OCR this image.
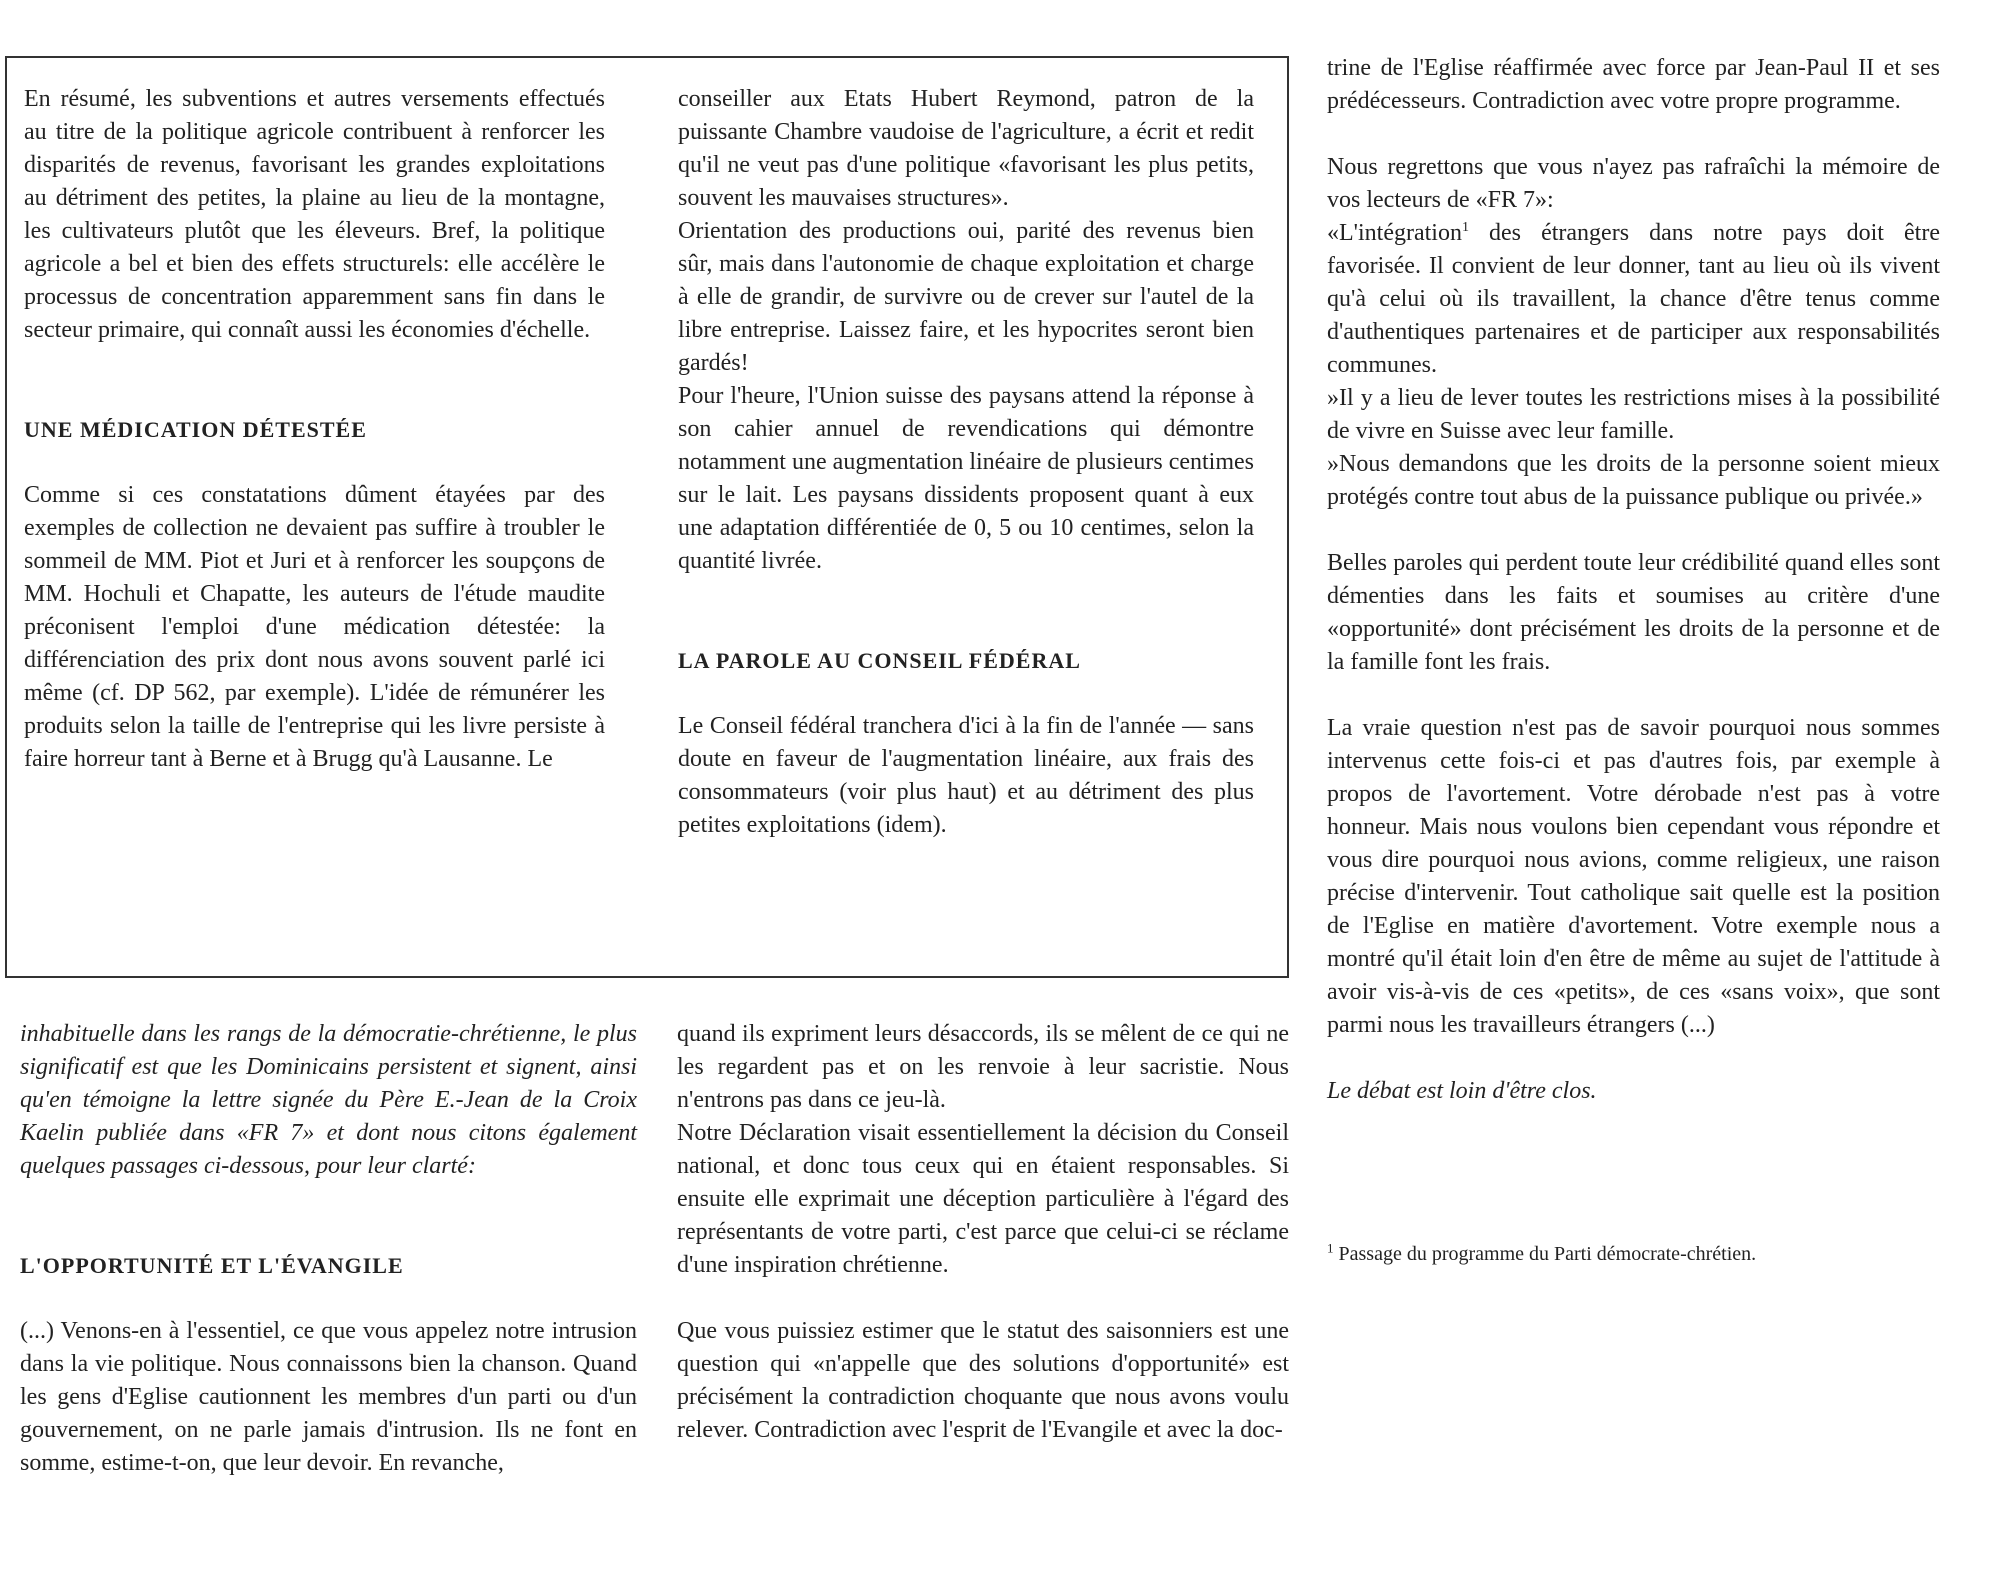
En résumé, les subventions et autres versements effectués au titre de la politique agricole contribuent à renforcer les disparités de revenus, favorisant les grandes exploitations au détriment des petites, la plaine au lieu de la montagne, les cultivateurs plutôt que les éleveurs. Bref, la politique agricole a bel et bien des effets structurels: elle accélère le processus de concentration apparemment sans fin dans le secteur primaire, qui connaît aussi les économies d'échelle.

UNE MÉDICATION DÉTESTÉE

Comme si ces constatations dûment étayées par des exemples de collection ne devaient pas suffire à troubler le sommeil de MM. Piot et Juri et à renforcer les soupçons de MM. Hochuli et Chapatte, les auteurs de l'étude maudite préconisent l'emploi d'une médication détestée: la différenciation des prix dont nous avons souvent parlé ici même (cf. DP 562, par exemple). L'idée de rémunérer les produits selon la taille de l'entreprise qui les livre persiste à faire horreur tant à Berne et à Brugg qu'à Lausanne. Le

conseiller aux Etats Hubert Reymond, patron de la puissante Chambre vaudoise de l'agriculture, a écrit et redit qu'il ne veut pas d'une politique «favorisant les plus petits, souvent les mauvaises structures».

Orientation des productions oui, parité des revenus bien sûr, mais dans l'autonomie de chaque exploitation et charge à elle de grandir, de survivre ou de crever sur l'autel de la libre entreprise. Laissez faire, et les hypocrites seront bien gardés!

Pour l'heure, l'Union suisse des paysans attend la réponse à son cahier annuel de revendications qui démontre notamment une augmentation linéaire de plusieurs centimes sur le lait. Les paysans dissidents proposent quant à eux une adaptation différentiée de 0, 5 ou 10 centimes, selon la quantité livrée.

LA PAROLE AU CONSEIL FÉDÉRAL

Le Conseil fédéral tranchera d'ici à la fin de l'année — sans doute en faveur de l'augmentation linéaire, aux frais des consommateurs (voir plus haut) et au détriment des plus petites exploitations (idem).

trine de l'Eglise réaffirmée avec force par Jean-Paul II et ses prédécesseurs. Contradiction avec votre propre programme.

Nous regrettons que vous n'ayez pas rafraîchi la mémoire de vos lecteurs de «FR 7»:

«L'intégration$^1$ des étrangers dans notre pays doit être favorisée. Il convient de leur donner, tant au lieu où ils vivent qu'à celui où ils travaillent, la chance d'être tenus comme d'authentiques partenaires et de participer aux responsabilités communes.

»Il y a lieu de lever toutes les restrictions mises à la possibilité de vivre en Suisse avec leur famille.

»Nous demandons que les droits de la personne soient mieux protégés contre tout abus de la puissance publique ou privée.»

Belles paroles qui perdent toute leur crédibilité quand elles sont démenties dans les faits et soumises au critère d'une «opportunité» dont précisément les droits de la personne et de la famille font les frais.

La vraie question n'est pas de savoir pourquoi nous sommes intervenus cette fois-ci et pas d'autres fois, par exemple à propos de l'avortement. Votre dérobade n'est pas à votre honneur. Mais nous voulons bien cependant vous répondre et vous dire pourquoi nous avions, comme religieux, une raison précise d'intervenir. Tout catholique sait quelle est la position de l'Eglise en matière d'avortement. Votre exemple nous a montré qu'il était loin d'en être de même au sujet de l'attitude à avoir vis-à-vis de ces «petits», de ces «sans voix», que sont parmi nous les travailleurs étrangers (...)

Le débat est loin d'être clos.

$^1$ Passage du programme du Parti démocrate-chrétien.

inhabituelle dans les rangs de la démocratie-chrétienne, le plus significatif est que les Dominicains persistent et signent, ainsi qu'en témoigne la lettre signée du Père E.-Jean de la Croix Kaelin publiée dans «FR 7» et dont nous citons également quelques passages ci-dessous, pour leur clarté:

L'OPPORTUNITÉ ET L'ÉVANGILE

(...) Venons-en à l'essentiel, ce que vous appelez notre intrusion dans la vie politique. Nous connaissons bien la chanson. Quand les gens d'Eglise cautionnent les membres d'un parti ou d'un gouvernement, on ne parle jamais d'intrusion. Ils ne font en somme, estime-t-on, que leur devoir. En revanche,

quand ils expriment leurs désaccords, ils se mêlent de ce qui ne les regardent pas et on les renvoie à leur sacristie. Nous n'entrons pas dans ce jeu-là.

Notre Déclaration visait essentiellement la décision du Conseil national, et donc tous ceux qui en étaient responsables. Si ensuite elle exprimait une déception particulière à l'égard des représentants de votre parti, c'est parce que celui-ci se réclame d'une inspiration chrétienne.

Que vous puissiez estimer que le statut des saisonniers est une question qui «n'appelle que des solutions d'opportunité» est précisément la contradiction choquante que nous avons voulu relever. Contradiction avec l'esprit de l'Evangile et avec la doc-
